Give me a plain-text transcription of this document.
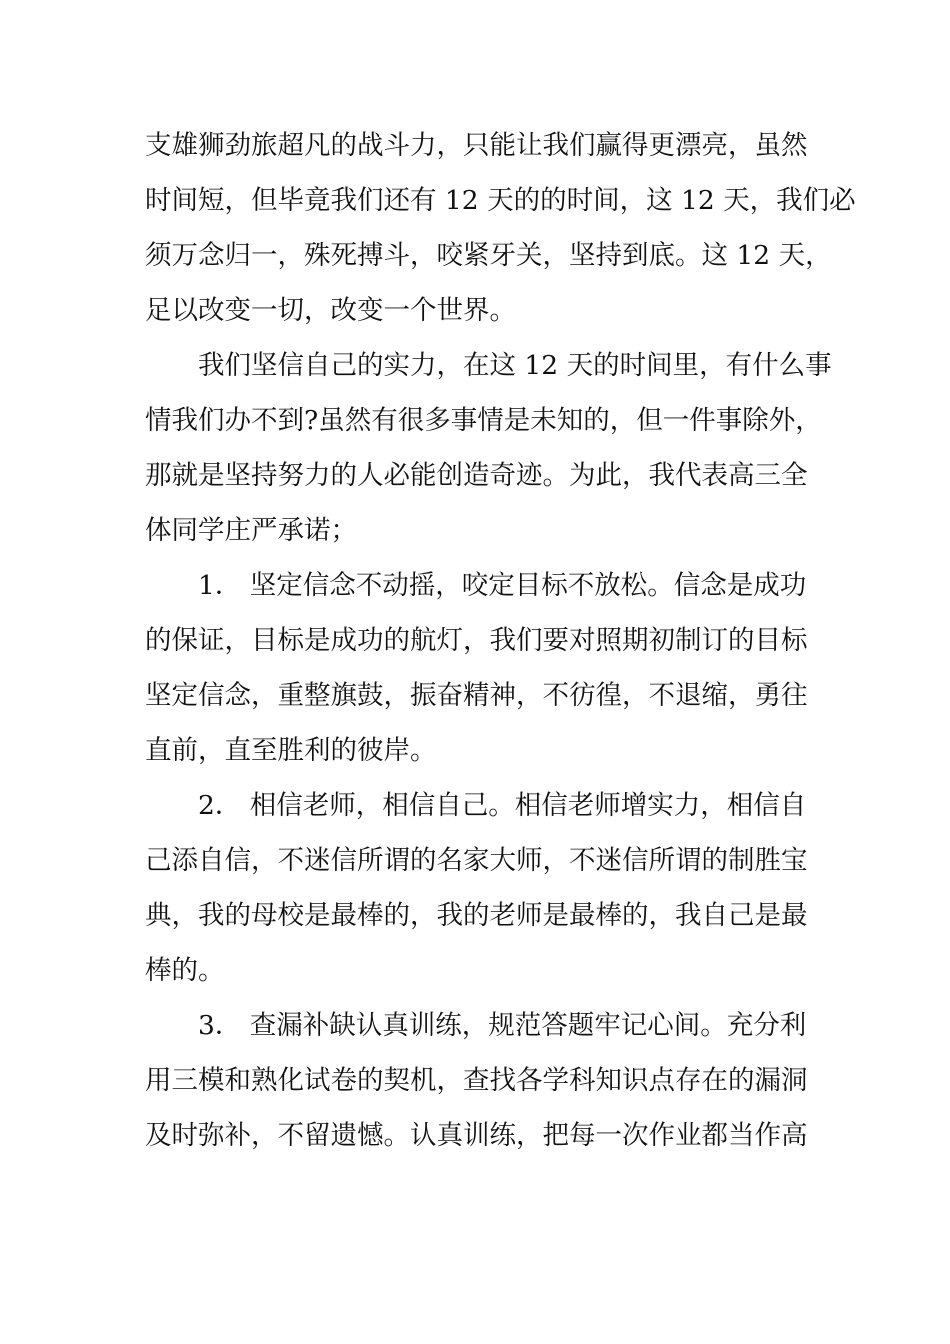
支雄狮劲旅超凡的战斗力，只能让我们赢得更漂亮，虽然
时间短，但毕竟我们还有 12 天的的时间，这 12 天，我们必
须万念归一，殊死搏斗，咬紧牙关，坚持到底。这 12 天，
足以改变一切，改变一个世界。

我们坚信自己的实力，在这 12 天的时间里，有什么事
情我们办不到?虽然有很多事情是未知的，但一件事除外，
那就是坚持努力的人必能创造奇迹。为此，我代表高三全
体同学庄严承诺；

1． 坚定信念不动摇，咬定目标不放松。信念是成功
的保证，目标是成功的航灯，我们要对照期初制订的目标
坚定信念，重整旗鼓，振奋精神，不彷徨，不退缩，勇往
直前，直至胜利的彼岸。

2． 相信老师，相信自己。相信老师增实力，相信自
己添自信，不迷信所谓的名家大师，不迷信所谓的制胜宝
典，我的母校是最棒的，我的老师是最棒的，我自己是最
棒的。

3． 查漏补缺认真训练，规范答题牢记心间。充分利
用三模和熟化试卷的契机，查找各学科知识点存在的漏洞
及时弥补，不留遗憾。认真训练，把每一次作业都当作高
